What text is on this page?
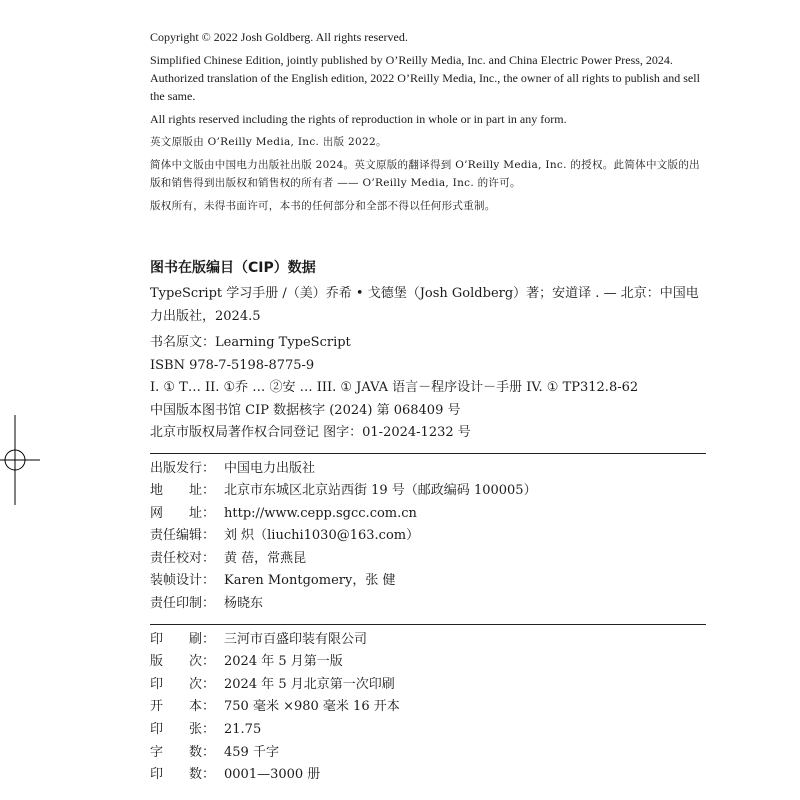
Copyright © 2022 Josh Goldberg. All rights reserved.

Simplified Chinese Edition, jointly published by O’Reilly Media, Inc. and China Electric Power Press, 2024. Authorized translation of the English edition, 2022 O’Reilly Media, Inc., the owner of all rights to publish and sell the same.

All rights reserved including the rights of reproduction in whole or in part in any form.

英文原版由 O’Reilly Media, Inc. 出版 2022。

简体中文版由中国电力出版社出版 2024。英文原版的翻译得到 O’Reilly Media, Inc. 的授权。此简体中文版的出版和销售得到出版权和销售权的所有者 —— O’Reilly Media, Inc. 的许可。

版权所有，未得书面许可，本书的任何部分和全部不得以任何形式重制。

图书在版编目（CIP）数据
TypeScript 学习手册 /（美）乔希 • 戈德堡（Josh Goldberg）著；安道译 . — 北京：中国电力出版社，2024.5
书名原文：Learning TypeScript
ISBN 978-7-5198-8775-9
I. ① T… II. ①乔 … ②安 … III. ① JAVA 语言－程序设计－手册 IV. ① TP312.8-62
中国版本图书馆 CIP 数据核字 (2024) 第 068409 号
北京市版权局著作权合同登记 图字：01-2024-1232 号
出版发行： 中国电力出版社
地　　址： 北京市东城区北京站西街 19 号（邮政编码 100005）
网　　址： http://www.cepp.sgcc.com.cn
责任编辑： 刘 炽（liuchi1030@163.com）
责任校对： 黄 蓓，常燕昆
装帧设计： Karen Montgomery，张 健
责任印制： 杨晓东
印　　刷： 三河市百盛印装有限公司
版　　次： 2024 年 5 月第一版
印　　次： 2024 年 5 月北京第一次印刷
开　　本： 750 毫米 ×980 毫米 16 开本
印　　张： 21.75
字　　数： 459 千字
印　　数： 0001—3000 册
